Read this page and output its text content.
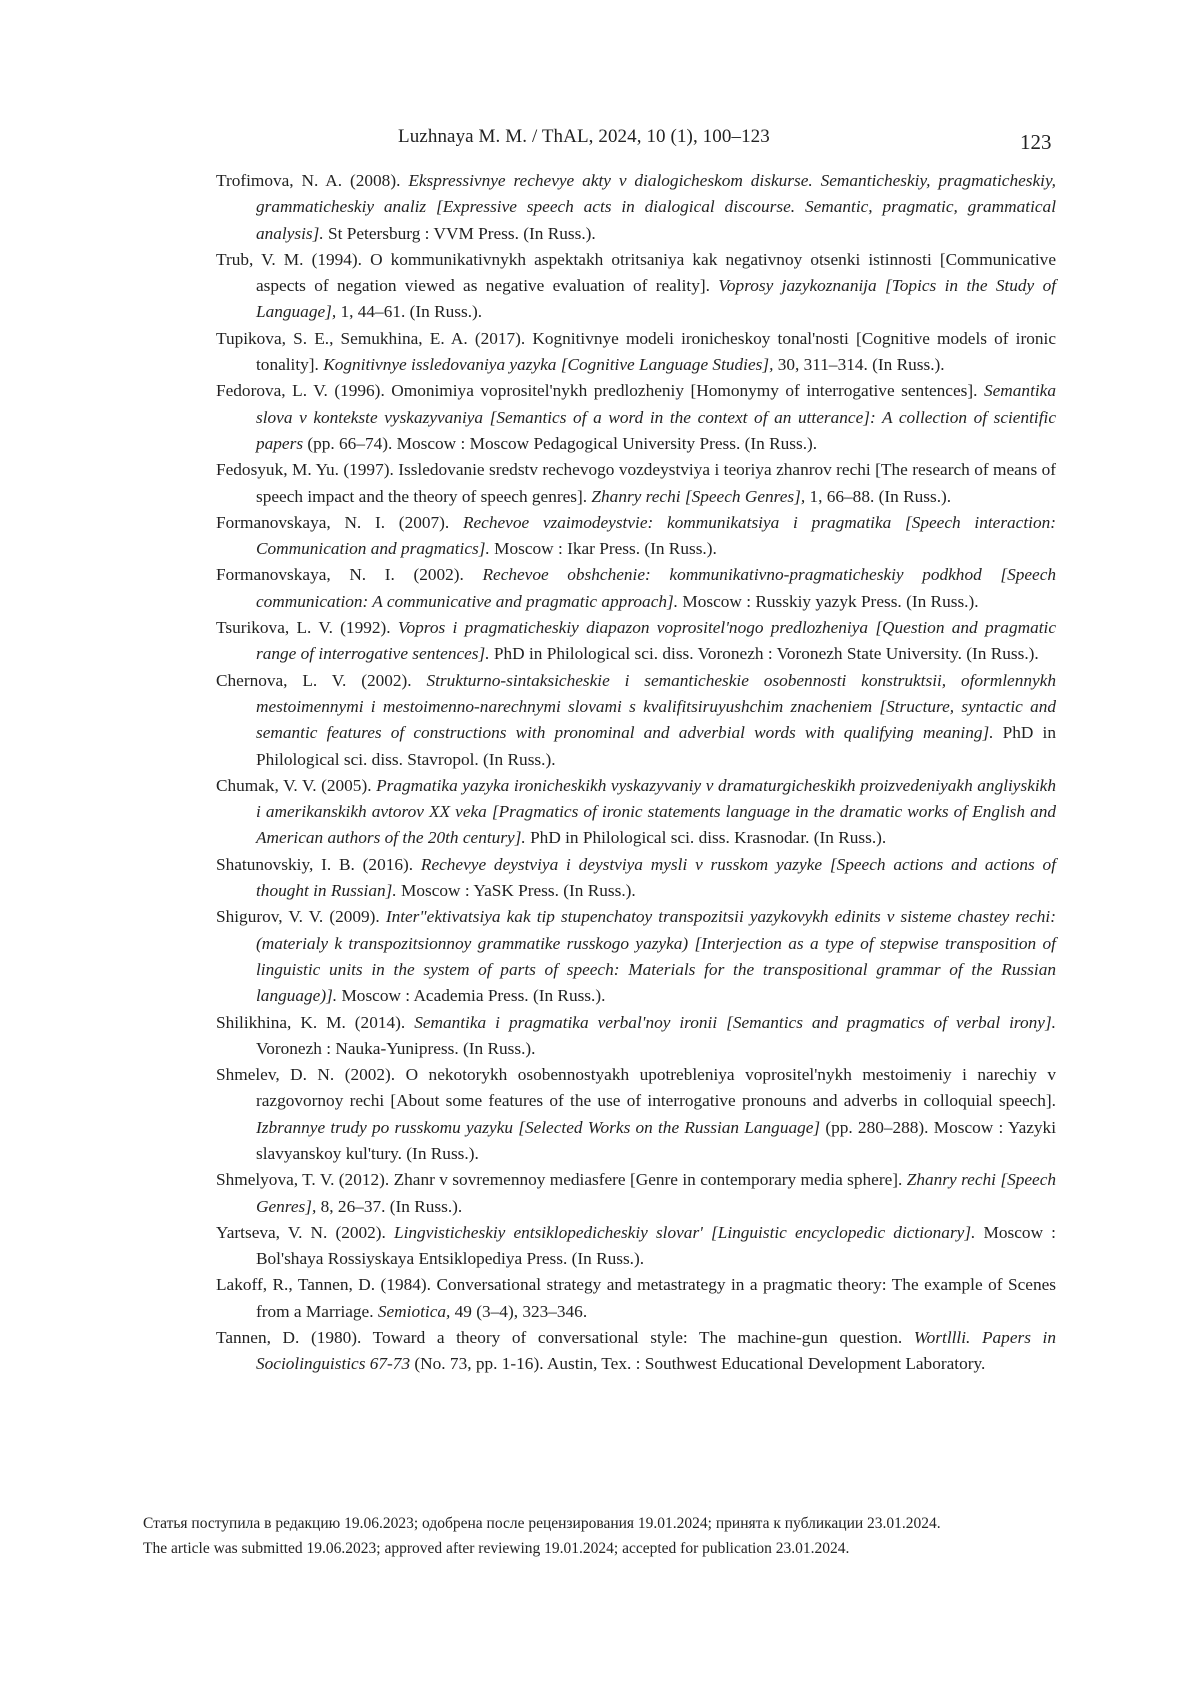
Luzhnaya M. M. / ThAL, 2024, 10 (1), 100–123	123

Trofimova, N. A. (2008). Ekspressivnye rechevye akty v dialogicheskom diskurse. Semanticheskiy, pragmaticheskiy, grammaticheskiy analiz [Expressive speech acts in dialogical discourse. Semantic, pragmatic, grammatical analysis]. St Petersburg : VVM Press. (In Russ.).

Trub, V. M. (1994). O kommunikativnykh aspektakh otritsaniya kak negativnoy otsenki istinnosti [Communicative aspects of negation viewed as negative evaluation of reality]. Voprosy jazykoznanija [Topics in the Study of Language], 1, 44–61. (In Russ.).

Tupikova, S. E., Semukhina, E. A. (2017). Kognitivnye modeli ironicheskoy tonal'nosti [Cognitive models of ironic tonality]. Kognitivnye issledovaniya yazyka [Cognitive Language Studies], 30, 311–314. (In Russ.).

Fedorova, L. V. (1996). Omonimiya voprositel'nykh predlozheniy [Homonymy of interrogative sentences]. Semantika slova v kontekste vyskazyvaniya [Semantics of a word in the context of an utterance]: A collection of scientific papers (pp. 66–74). Moscow : Moscow Pedagogical University Press. (In Russ.).

Fedosyuk, M. Yu. (1997). Issledovanie sredstv rechevogo vozdeystviya i teoriya zhanrov rechi [The research of means of speech impact and the theory of speech genres]. Zhanry rechi [Speech Genres], 1, 66–88. (In Russ.).

Formanovskaya, N. I. (2007). Rechevoe vzaimodeystvie: kommunikatsiya i pragmatika [Speech interaction: Communication and pragmatics]. Moscow : Ikar Press. (In Russ.).

Formanovskaya, N. I. (2002). Rechevoe obshchenie: kommunikativno-pragmaticheskiy podkhod [Speech communication: A communicative and pragmatic approach]. Moscow : Russkiy yazyk Press. (In Russ.).

Tsurikova, L. V. (1992). Vopros i pragmaticheskiy diapazon voprositel'nogo predlozheniya [Question and pragmatic range of interrogative sentences]. PhD in Philological sci. diss. Voronezh : Voronezh State University. (In Russ.).

Chernova, L. V. (2002). Strukturno-sintaksicheskie i semanticheskie osobennosti konstruktsii, oformlennykh mestoimennymi i mestoimenno-narechnymi slovami s kvalifitsiruyushchim znacheniem [Structure, syntactic and semantic features of constructions with pronominal and adverbial words with qualifying meaning]. PhD in Philological sci. diss. Stavropol. (In Russ.).

Chumak, V. V. (2005). Pragmatika yazyka ironicheskikh vyskazyvaniy v dramaturgicheskikh proizvedeniyakh angliyskikh i amerikanskikh avtorov XX veka [Pragmatics of ironic statements language in the dramatic works of English and American authors of the 20th century]. PhD in Philological sci. diss. Krasnodar. (In Russ.).

Shatunovskiy, I. B. (2016). Rechevye deystviya i deystviya mysli v russkom yazyke [Speech actions and actions of thought in Russian]. Moscow : YaSK Press. (In Russ.).

Shigurov, V. V. (2009). Inter"ektivatsiya kak tip stupenchatoy transpozitsii yazykovykh edinits v sisteme chastey rechi: (materialy k transpozitsionnoy grammatike russkogo yazyka) [Interjection as a type of stepwise transposition of linguistic units in the system of parts of speech: Materials for the transpositional grammar of the Russian language)]. Moscow : Academia Press. (In Russ.).

Shilikhina, K. M. (2014). Semantika i pragmatika verbal'noy ironii [Semantics and pragmatics of verbal irony]. Voronezh : Nauka-Yunipress. (In Russ.).

Shmelev, D. N. (2002). O nekotorykh osobennostyakh upotrebleniya voprositel'nykh mestoimeniy i narechiy v razgovornoy rechi [About some features of the use of interrogative pronouns and adverbs in colloquial speech]. Izbrannye trudy po russkomu yazyku [Selected Works on the Russian Language] (pp. 280–288). Moscow : Yazyki slavyanskoy kul'tury. (In Russ.).

Shmelyova, T. V. (2012). Zhanr v sovremennoy mediasfere [Genre in contemporary media sphere]. Zhanry rechi [Speech Genres], 8, 26–37. (In Russ.).

Yartseva, V. N. (2002). Lingvisticheskiy entsiklopedicheskiy slovar' [Linguistic encyclopedic dictionary]. Moscow : Bol'shaya Rossiyskaya Entsiklopediya Press. (In Russ.).

Lakoff, R., Tannen, D. (1984). Conversational strategy and metastrategy in a pragmatic theory: The example of Scenes from a Marriage. Semiotica, 49 (3–4), 323–346.

Tannen, D. (1980). Toward a theory of conversational style: The machine-gun question. Wortllli. Papers in Sociolinguistics 67-73 (No. 73, pp. 1-16). Austin, Tex. : Southwest Educational Development Laboratory.

Статья поступила в редакцию 19.06.2023; одобрена после рецензирования 19.01.2024; принята к публикации 23.01.2024.
The article was submitted 19.06.2023; approved after reviewing 19.01.2024; accepted for publication 23.01.2024.
